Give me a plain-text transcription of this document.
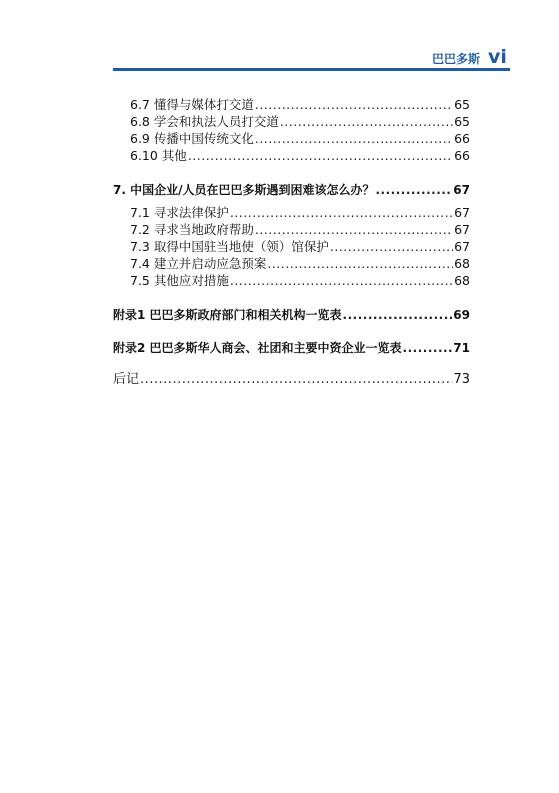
巴巴多斯 vi
6.7 懂得与媒体打交道 .....	65
6.8 学会和执法人员打交道 .....	65
6.9 传播中国传统文化 .....	66
6.10 其他 .....	66
7. 中国企业/人员在巴巴多斯遇到困难该怎么办？ .....	67
7.1 寻求法律保护 .....	67
7.2 寻求当地政府帮助 .....	67
7.3 取得中国驻当地使（领）馆保护 .....	67
7.4 建立并启动应急预案 .....	68
7.5 其他应对措施 .....	68
附录1 巴巴多斯政府部门和相关机构一览表 .....	69
附录2 巴巴多斯华人商会、社团和主要中资企业一览表 .....	71
后记 .....	73
